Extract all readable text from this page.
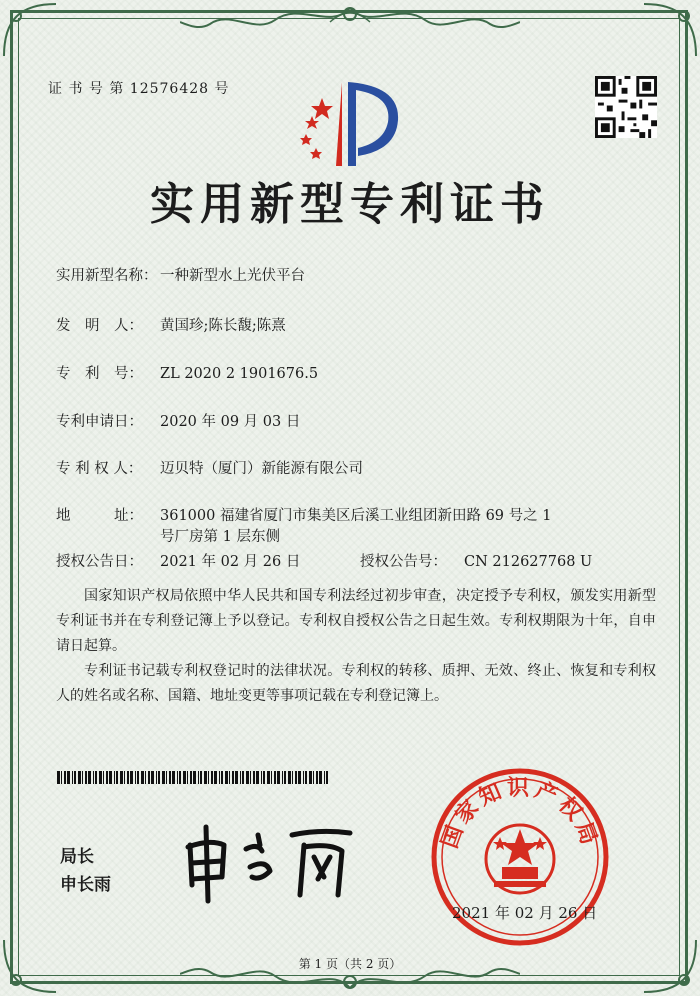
证 书 号 第 12576428 号
实用新型专利证书
实用新型名称： 一种新型水上光伏平台
发　明　人： 黄国珍;陈长馥;陈熹
专　利　号： ZL 2020 2 1901676.5
专利申请日： 2020 年 09 月 03 日
专 利 权 人： 迈贝特（厦门）新能源有限公司
地　　　址： 361000 福建省厦门市集美区后溪工业组团新田路 69 号之 1
号厂房第 1 层东侧
授权公告日： 2021 年 02 月 26 日	授权公告号： CN 212627768 U
国家知识产权局依照中华人民共和国专利法经过初步审查，决定授予专利权，颁发实用新型专利证书并在专利登记簿上予以登记。专利权自授权公告之日起生效。专利权期限为十年，自申请日起算。
专利证书记载专利权登记时的法律状况。专利权的转移、质押、无效、终止、恢复和专利权人的姓名或名称、国籍、地址变更等事项记载在专利登记簿上。
局长
申长雨
国家知识产权局
2021 年 02 月 26 日
第 1 页（共 2 页）
